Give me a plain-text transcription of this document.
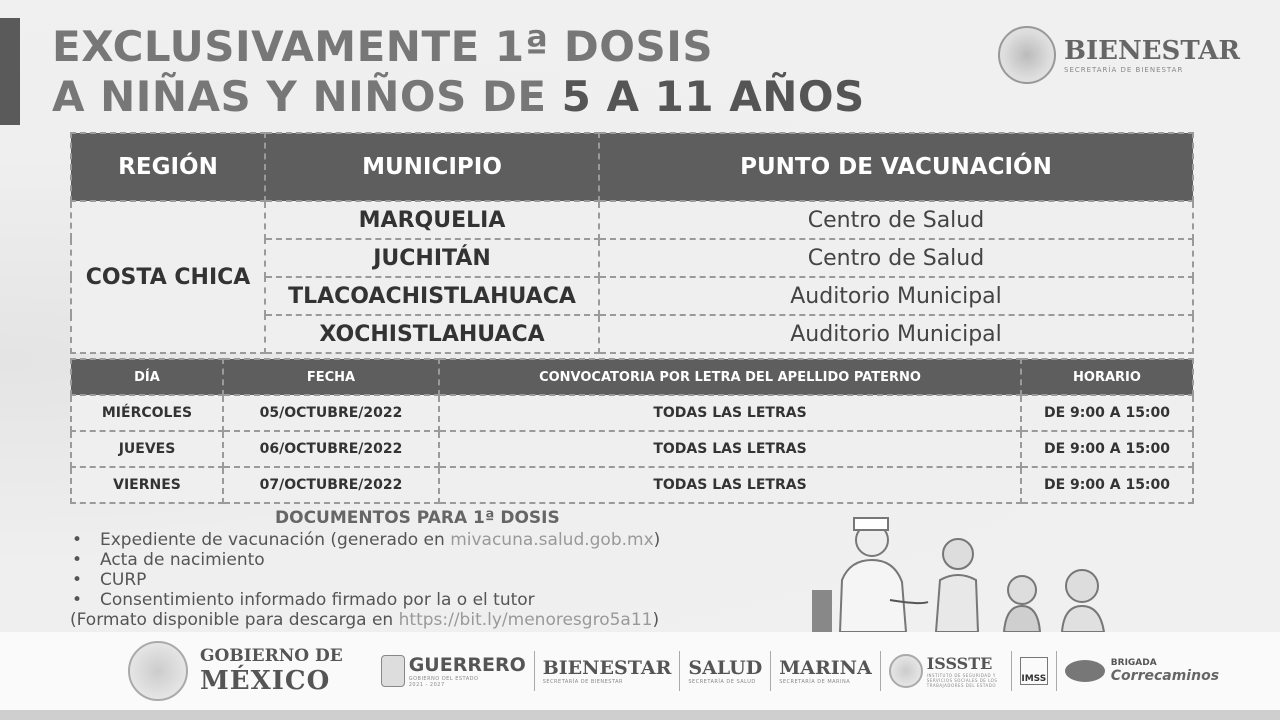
EXCLUSIVAMENTE 1ª DOSIS
A NIÑAS Y NIÑOS DE 5 A 11 AÑOS
BIENESTAR
SECRETARÍA DE BIENESTAR
REGIÓN	MUNICIPIO	PUNTO DE VACUNACIÓN
COSTA CHICA	MARQUELIA	Centro de Salud
	JUCHITÁN	Centro de Salud
	TLACOACHISTLAHUACA	Auditorio Municipal
	XOCHISTLAHUACA	Auditorio Municipal
DÍA	FECHA	CONVOCATORIA POR LETRA DEL APELLIDO PATERNO	HORARIO
MIÉRCOLES	05/OCTUBRE/2022	TODAS LAS LETRAS	DE 9:00 A 15:00
JUEVES	06/OCTUBRE/2022	TODAS LAS LETRAS	DE 9:00 A 15:00
VIERNES	07/OCTUBRE/2022	TODAS LAS LETRAS	DE 9:00 A 15:00
DOCUMENTOS PARA 1ª DOSIS
• Expediente de vacunación (generado en mivacuna.salud.gob.mx)
• Acta de nacimiento
• CURP
• Consentimiento informado firmado por la o el tutor
(Formato disponible para descarga en https://bit.ly/menoresgro5a11)
GOBIERNO DE
MÉXICO
GUERRERO
GOBIERNO DEL ESTADO
2021 - 2027
BIENESTAR
SECRETARÍA DE BIENESTAR
SALUD
SECRETARÍA DE SALUD
MARINA
SECRETARÍA DE MARINA
ISSSTE
INSTITUTO DE SEGURIDAD Y SERVICIOS SOCIALES DE LOS TRABAJADORES DEL ESTADO
IMSS
BRIGADA
Correcaminos
